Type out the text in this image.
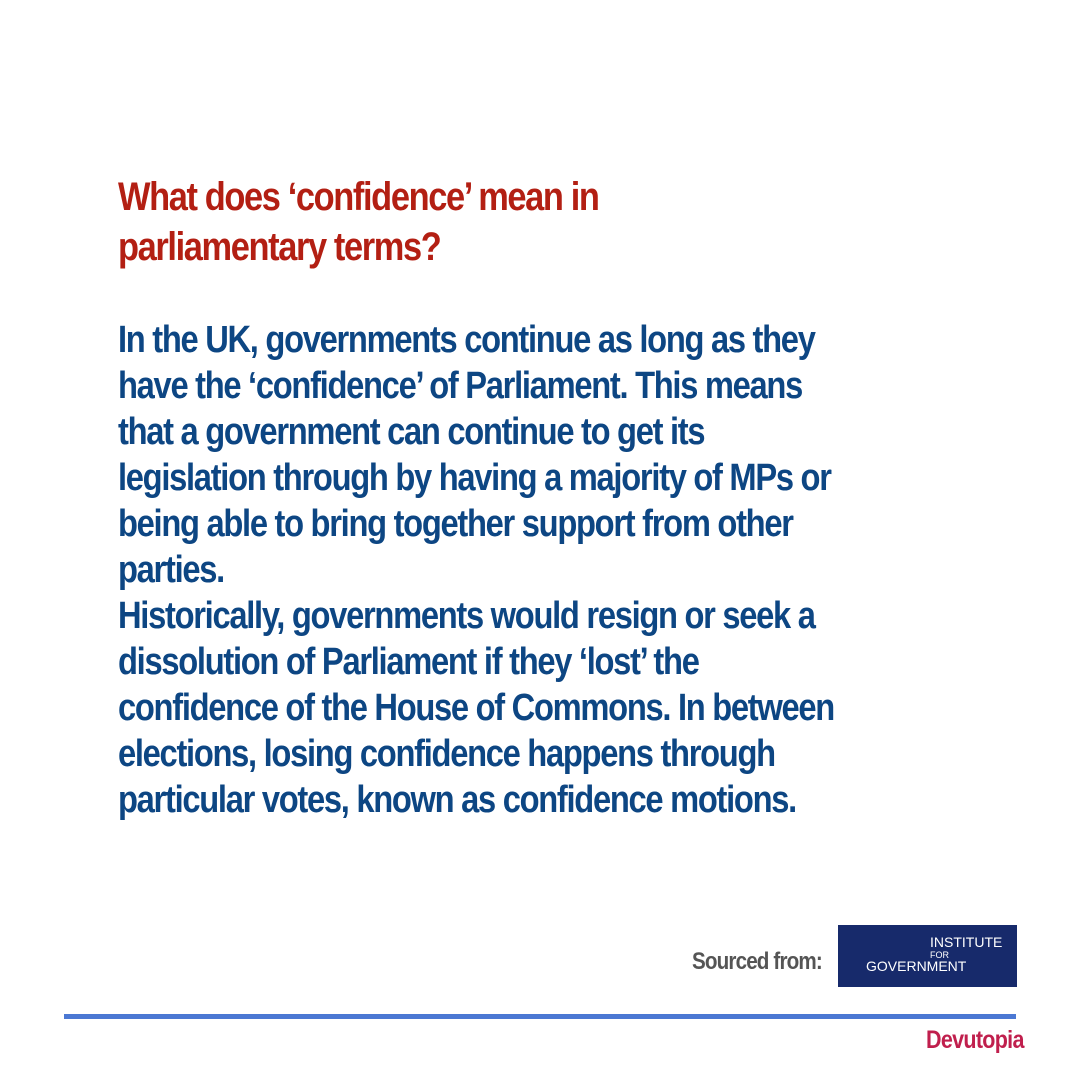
What does ‘confidence’ mean in
parliamentary terms?

In the UK, governments continue as long as they
have the ‘confidence’ of Parliament. This means
that a government can continue to get its
legislation through by having a majority of MPs or
being able to bring together support from other
parties.

Historically, governments would resign or seek a
dissolution of Parliament if they ‘lost’ the
confidence of the House of Commons. In between
elections, losing confidence happens through
particular votes, known as confidence motions.

Sourced from:
INSTITUTE
FOR
GOVERNMENT
Devutopia
